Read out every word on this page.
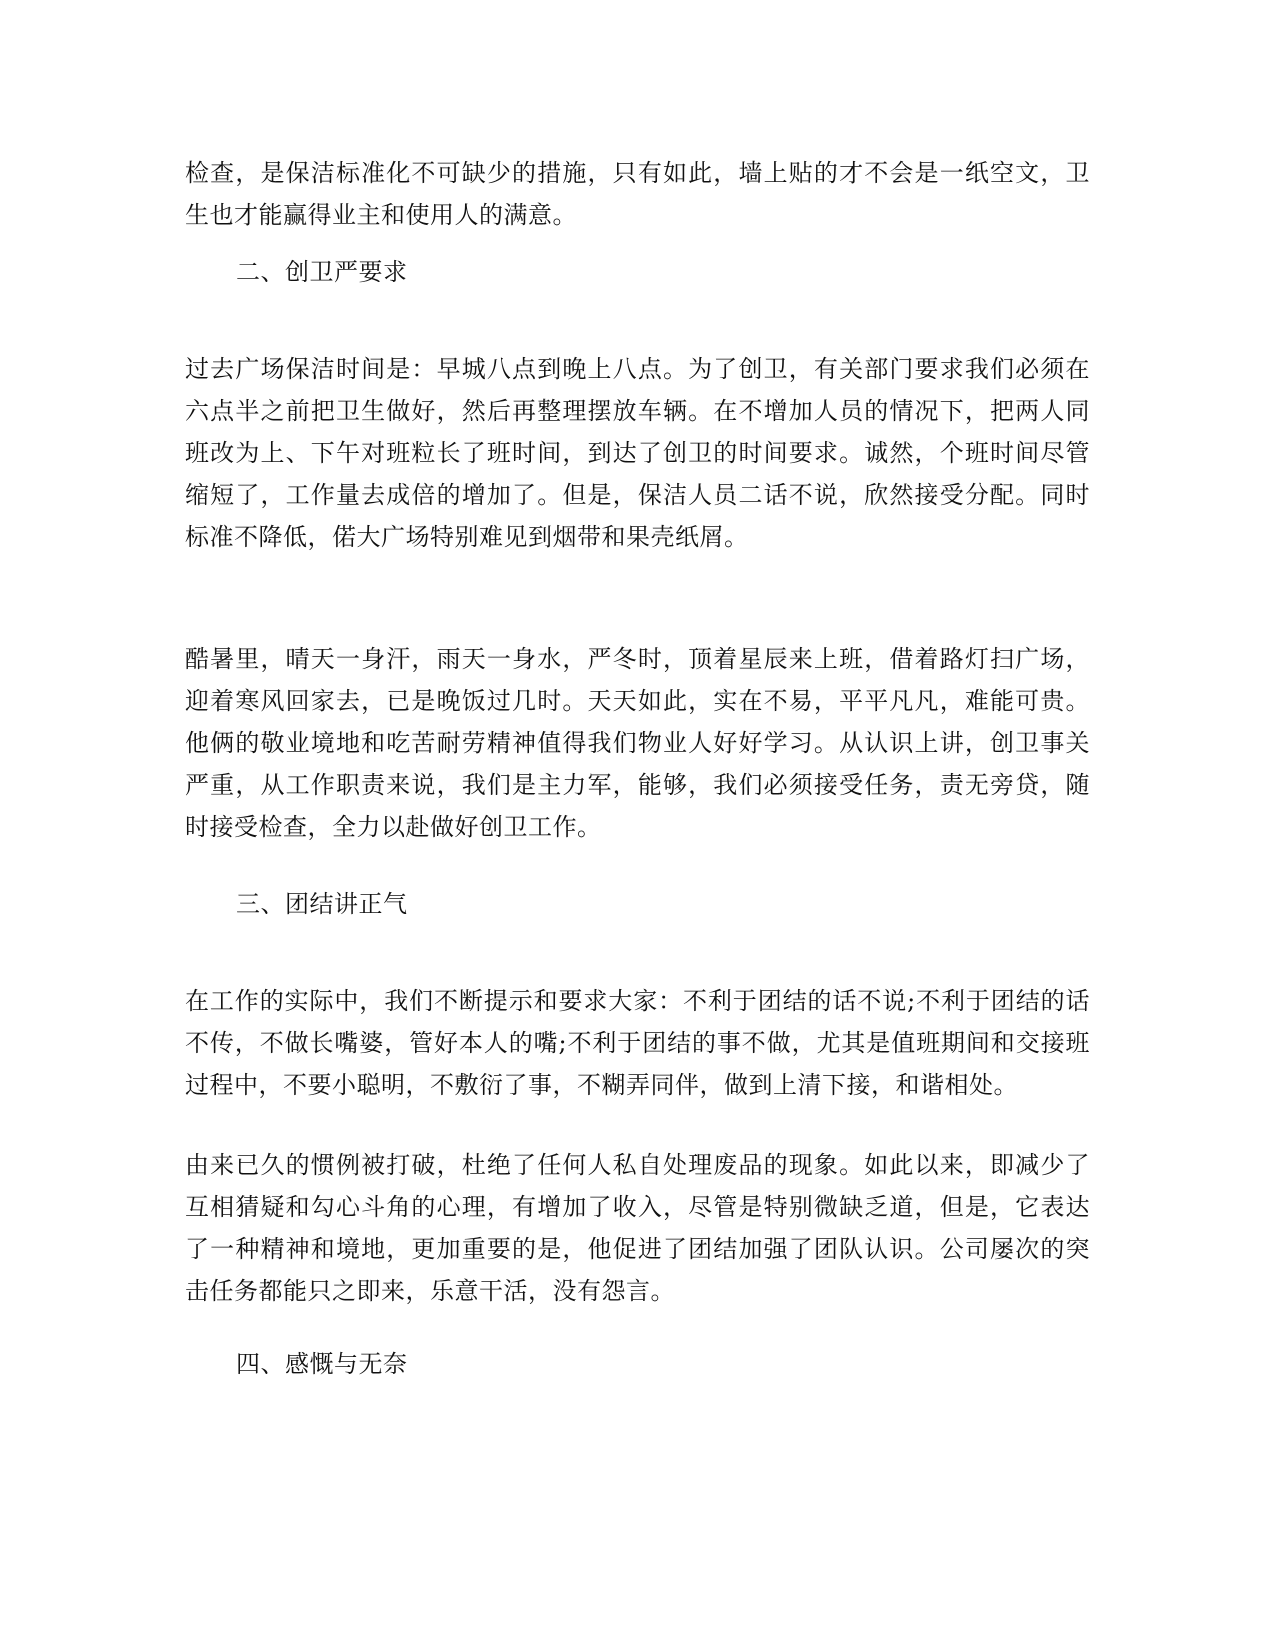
检查，是保洁标准化不可缺少的措施，只有如此，墙上贴的才不会是一纸空文，卫生也才能赢得业主和使用人的满意。

二、创卫严要求

过去广场保洁时间是：早城八点到晚上八点。为了创卫，有关部门要求我们必须在六点半之前把卫生做好，然后再整理摆放车辆。在不增加人员的情况下，把两人同班改为上、下午对班粒长了班时间，到达了创卫的时间要求。诚然，个班时间尽管缩短了，工作量去成倍的增加了。但是，保洁人员二话不说，欣然接受分配。同时标准不降低，偌大广场特别难见到烟带和果壳纸屑。

酷暑里，晴天一身汗，雨天一身水，严冬时，顶着星辰来上班，借着路灯扫广场，迎着寒风回家去，已是晚饭过几时。天天如此，实在不易，平平凡凡，难能可贵。他俩的敬业境地和吃苦耐劳精神值得我们物业人好好学习。从认识上讲，创卫事关严重，从工作职责来说，我们是主力军，能够，我们必须接受任务，责无旁贷，随时接受检查，全力以赴做好创卫工作。

三、团结讲正气

在工作的实际中，我们不断提示和要求大家：不利于团结的话不说;不利于团结的话不传，不做长嘴婆，管好本人的嘴;不利于团结的事不做，尤其是值班期间和交接班过程中，不要小聪明，不敷衍了事，不糊弄同伴，做到上清下接，和谐相处。

由来已久的惯例被打破，杜绝了任何人私自处理废品的现象。如此以来，即减少了互相猜疑和勾心斗角的心理，有增加了收入，尽管是特别微缺乏道，但是，它表达了一种精神和境地，更加重要的是，他促进了团结加强了团队认识。公司屡次的突击任务都能只之即来，乐意干活，没有怨言。

四、感慨与无奈
